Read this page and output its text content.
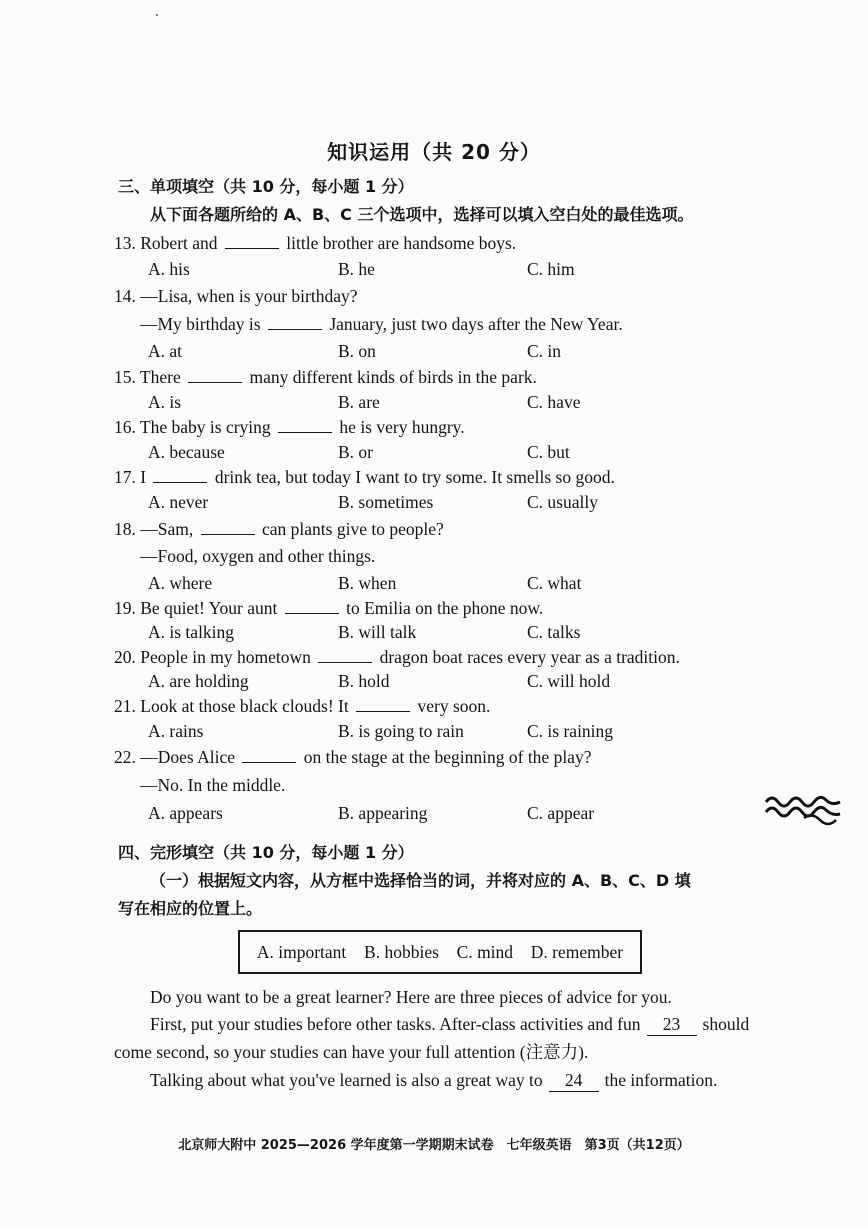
知识运用（共 20 分）
三、单项填空（共 10 分，每小题 1 分）
从下面各题所给的 A、B、C 三个选项中，选择可以填入空白处的最佳选项。
13. Robert and	little brother are handsome boys.
A. his	B. he	C. him
14. —Lisa, when is your birthday?
—My birthday is	January, just two days after the New Year.
A. at	B. on	C. in
15. There	many different kinds of birds in the park.
A. is	B. are	C. have
16. The baby is crying	he is very hungry.
A. because	B. or	C. but
17. I	drink tea, but today I want to try some. It smells so good.
A. never	B. sometimes	C. usually
18. —Sam,	can plants give to people?
—Food, oxygen and other things.
A. where	B. when	C. what
19. Be quiet! Your aunt	to Emilia on the phone now.
A. is talking	B. will talk	C. talks
20. People in my hometown	dragon boat races every year as a tradition.
A. are holding	B. hold	C. will hold
21. Look at those black clouds! It	very soon.
A. rains	B. is going to rain	C. is raining
22. —Does Alice	on the stage at the beginning of the play?
—No. In the middle.
A. appears	B. appearing	C. appear
四、完形填空（共 10 分，每小题 1 分）
（一）根据短文内容，从方框中选择恰当的词，并将对应的 A、B、C、D 填
写在相应的位置上。
A. important B. hobbies C. mind D. remember
Do you want to be a great learner? Here are three pieces of advice for you.
First, put your studies before other tasks. After-class activities and fun 23 should
come second, so your studies can have your full attention (注意力).
Talking about what you've learned is also a great way to 24 the information.
北京师大附中 2025—2026 学年度第一学期期末试卷　七年级英语　第3页（共12页）
